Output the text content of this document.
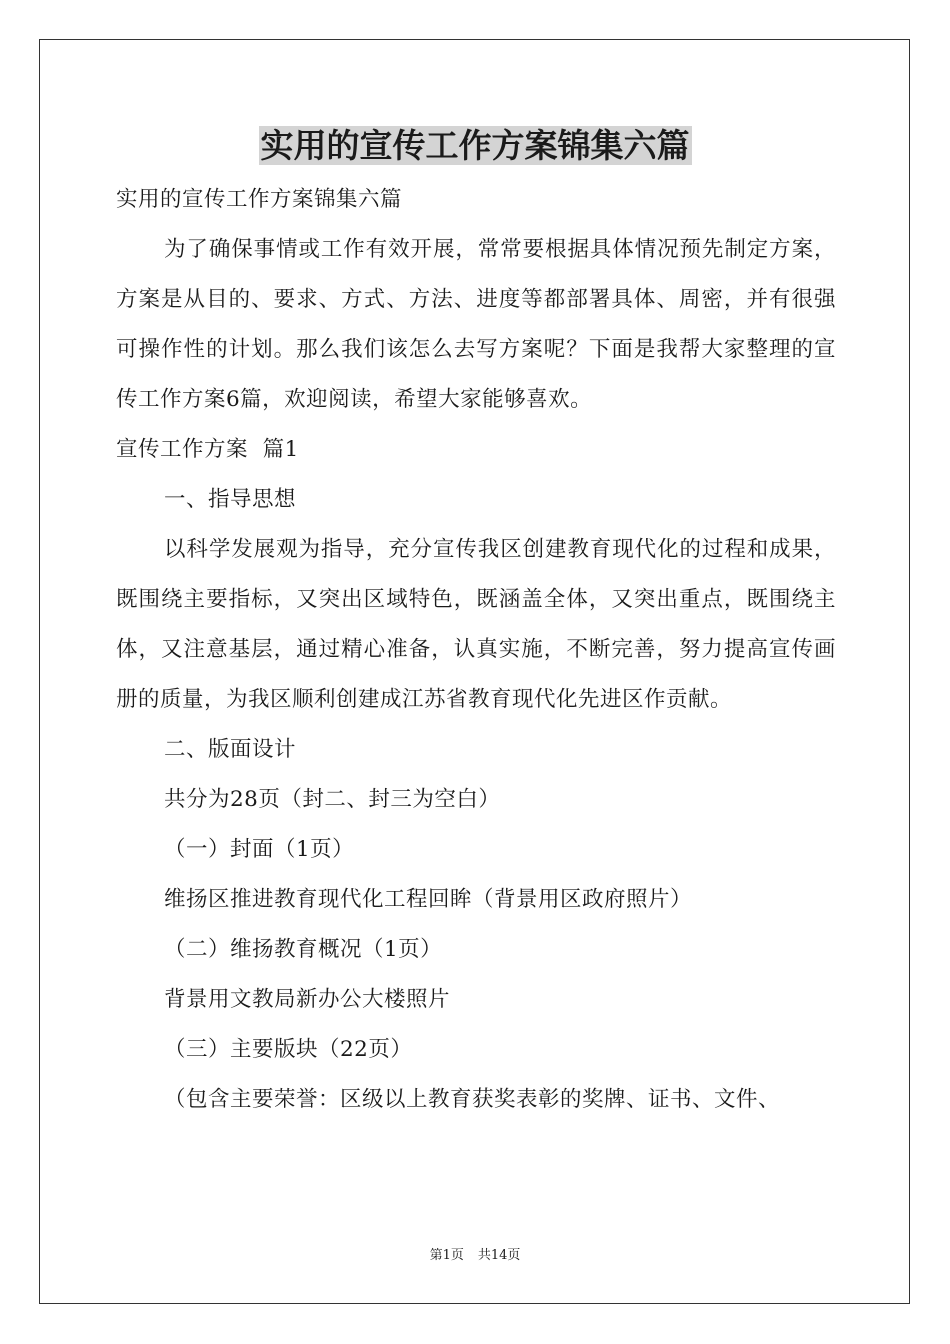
实用的宣传工作方案锦集六篇

实用的宣传工作方案锦集六篇

为了确保事情或工作有效开展，常常要根据具体情况预先制定方案，方案是从目的、要求、方式、方法、进度等都部署具体、周密，并有很强可操作性的计划。那么我们该怎么去写方案呢？下面是我帮大家整理的宣传工作方案6篇，欢迎阅读，希望大家能够喜欢。

宣传工作方案  篇1

一、指导思想

以科学发展观为指导，充分宣传我区创建教育现代化的过程和成果，既围绕主要指标，又突出区域特色，既涵盖全体，又突出重点，既围绕主体，又注意基层，通过精心准备，认真实施，不断完善，努力提高宣传画册的质量，为我区顺利创建成江苏省教育现代化先进区作贡献。

二、版面设计

共分为28页（封二、封三为空白）

（一）封面（1页）

维扬区推进教育现代化工程回眸（背景用区政府照片）

（二）维扬教育概况（1页）

背景用文教局新办公大楼照片

（三）主要版块（22页）

（包含主要荣誉：区级以上教育获奖表彰的奖牌、证书、文件、

第1页 共14页
